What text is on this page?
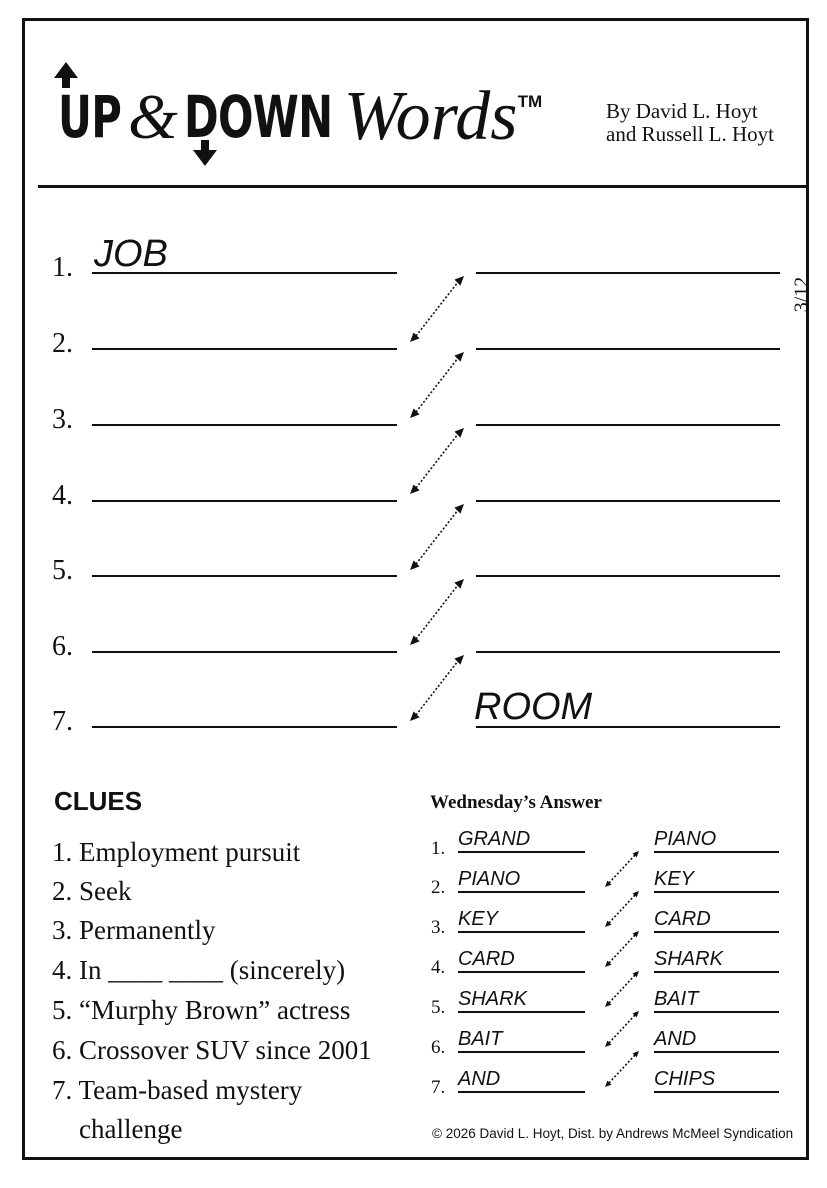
UP & DOWN Words TM	By David L. Hoyt
and Russell L. Hoyt
3/12
1. JOB
2.
3.
4.
5.
6.
7.	ROOM
CLUES
1. Employment pursuit
2. Seek
3. Permanently
4. In ____ ____ (sincerely)
5. “Murphy Brown” actress
6. Crossover SUV since 2001
7. Team-based mystery
challenge
Wednesday’s Answer
1. GRAND	PIANO
2. PIANO	KEY
3. KEY	CARD
4. CARD	SHARK
5. SHARK	BAIT
6. BAIT	AND
7. AND	CHIPS
© 2026 David L. Hoyt, Dist. by Andrews McMeel Syndication
